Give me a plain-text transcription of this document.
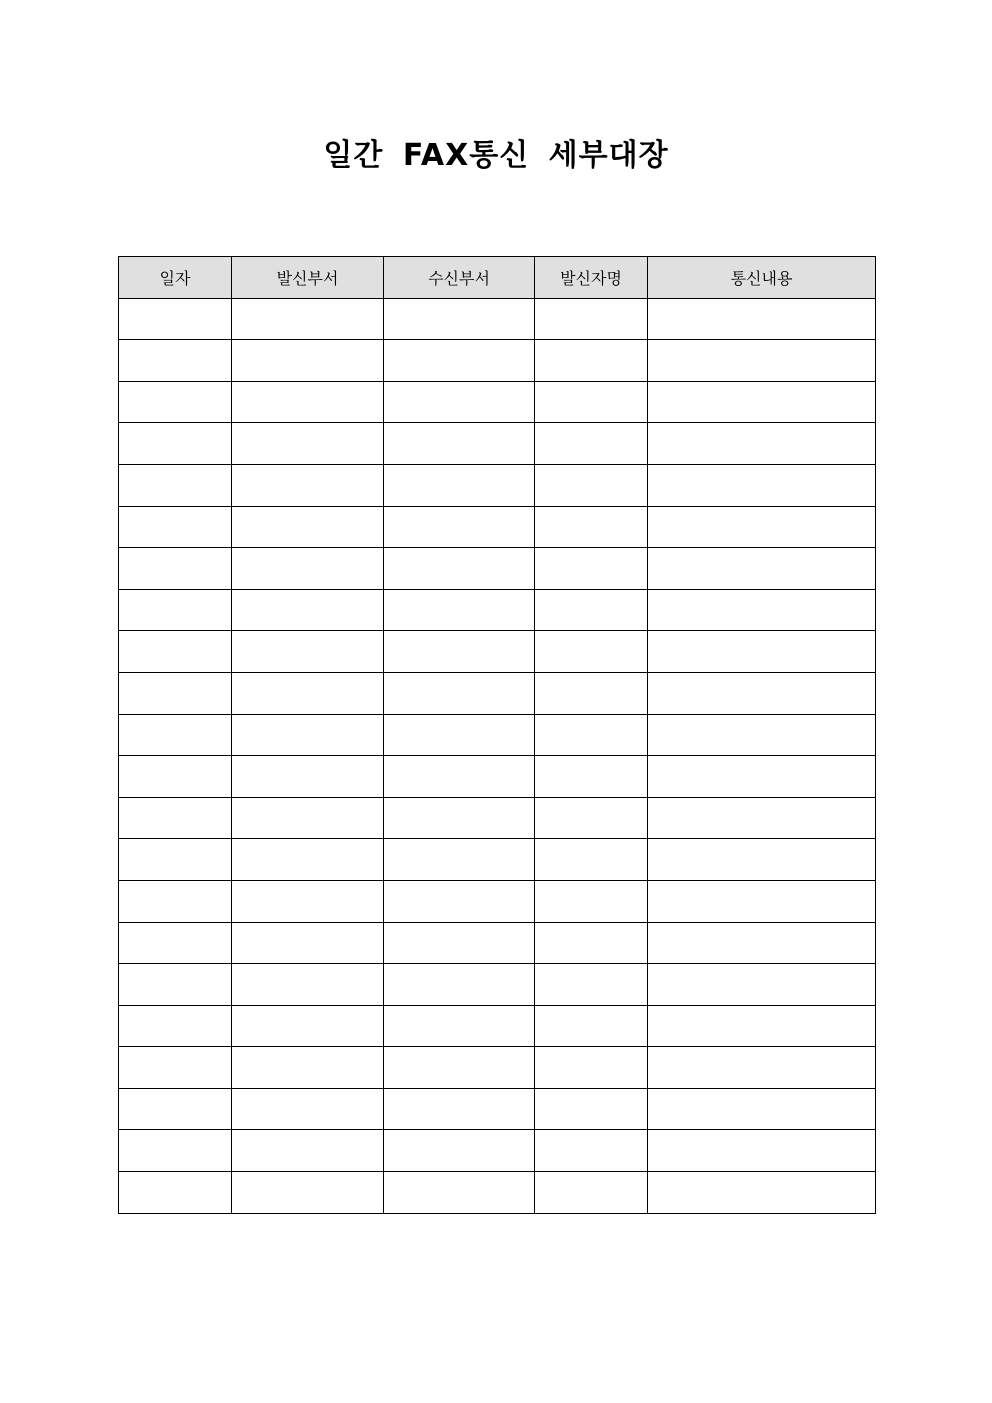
일간 FAX통신 세부대장
일자	발신부서	수신부서	발신자명	통신내용
